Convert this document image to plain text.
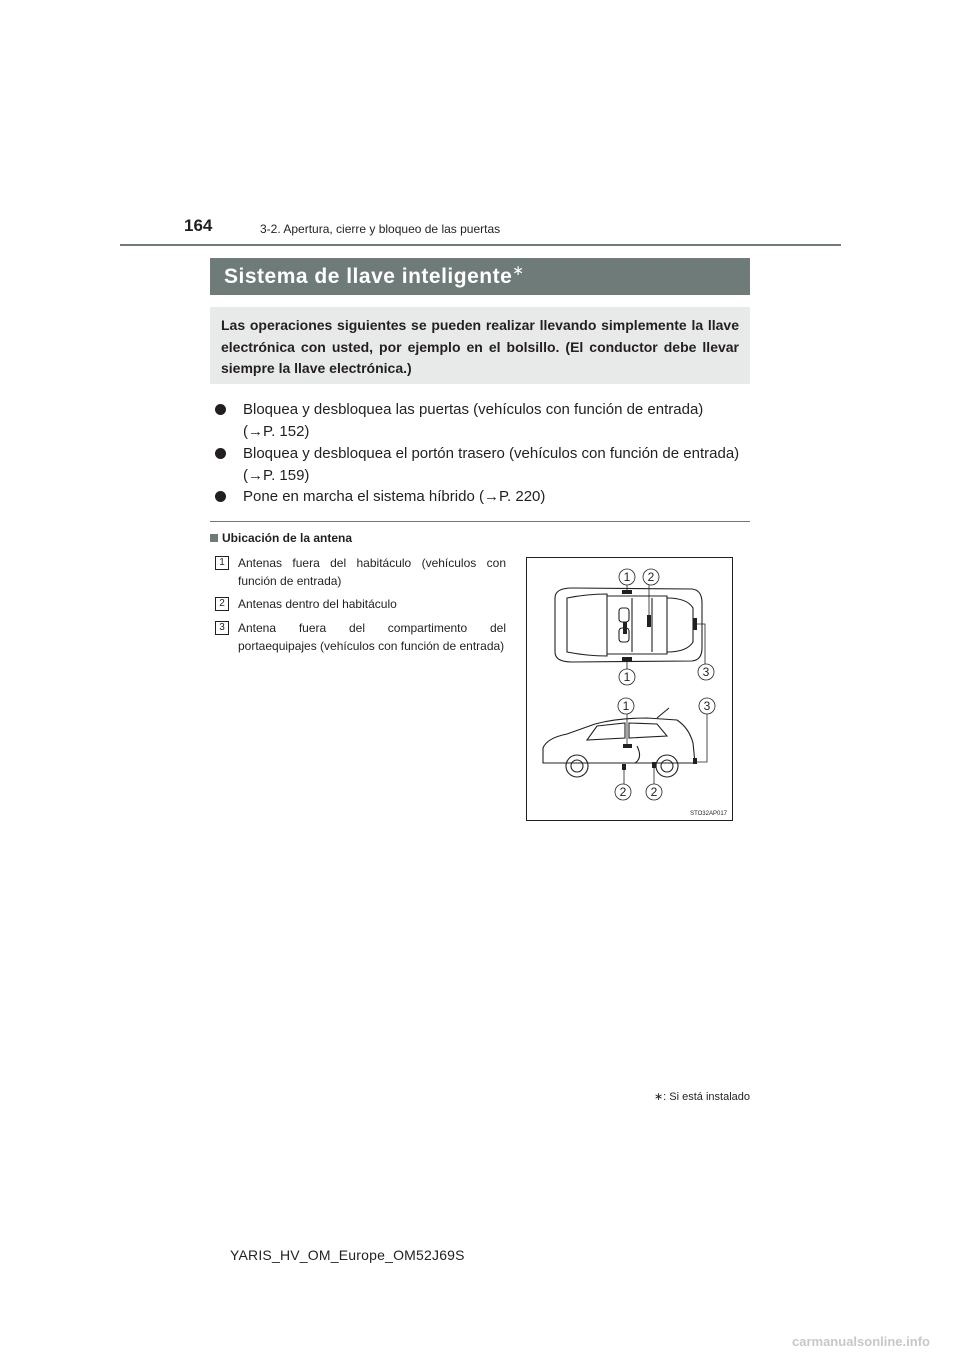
164	3-2. Apertura, cierre y bloqueo de las puertas
Sistema de llave inteligente∗
Las operaciones siguientes se pueden realizar llevando simplemente la llave electrónica con usted, por ejemplo en el bolsillo. (El conductor debe llevar siempre la llave electrónica.)
Bloquea y desbloquea las puertas (vehículos con función de entrada)
(→P. 152)
Bloquea y desbloquea el portón trasero (vehículos con función de entrada)
(→P. 159)
Pone en marcha el sistema híbrido (→P. 220)
Ubicación de la antena
1	Antenas fuera del habitáculo (vehículos con función de entrada)
2	Antenas dentro del habitáculo
3	Antena fuera del compartimento del portaequipajes (vehículos con función de entrada)
1 2
1	3
1	3
2 2
STO32AP017
∗: Si está instalado
YARIS_HV_OM_Europe_OM52J69S
carmanualsonline.info
